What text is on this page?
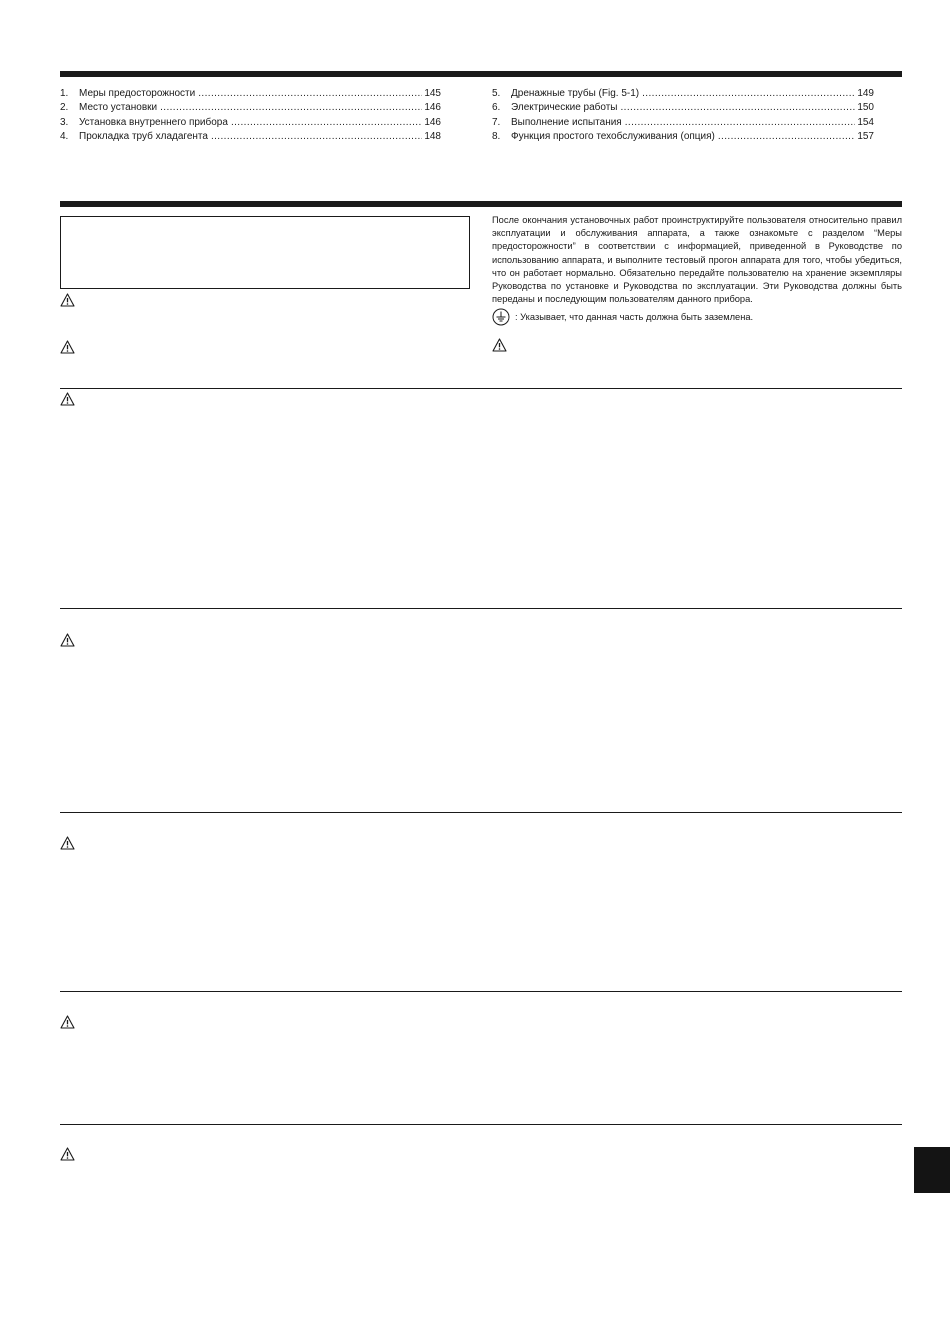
1.	Меры предосторожности .....	145
2.	Место установки .....	146
3.	Установка внутреннего прибора .....	146
4.	Прокладка труб хладагента .....	148
5.	Дренажные трубы (Fig. 5-1) .....	149
6.	Электрические работы .....	150
7.	Выполнение испытания .....	154
8.	Функция простого техобслуживания (опция) .....	157
После окончания установочных работ проинструктируйте пользователя относительно правил эксплуатации и обслуживания аппарата, а также ознакомьте с разделом “Меры предосторожности” в соответствии с информацией, приведенной в Руководстве по использованию аппарата, и выполните тестовый прогон аппарата для того, чтобы убедиться, что он работает нормально. Обязательно передайте пользователю на хранение экземпляры Руководства по установке и Руководства по эксплуатации. Эти Руководства должны быть переданы и последующим пользователям данного прибора.
: Указывает, что данная часть должна быть заземлена.
